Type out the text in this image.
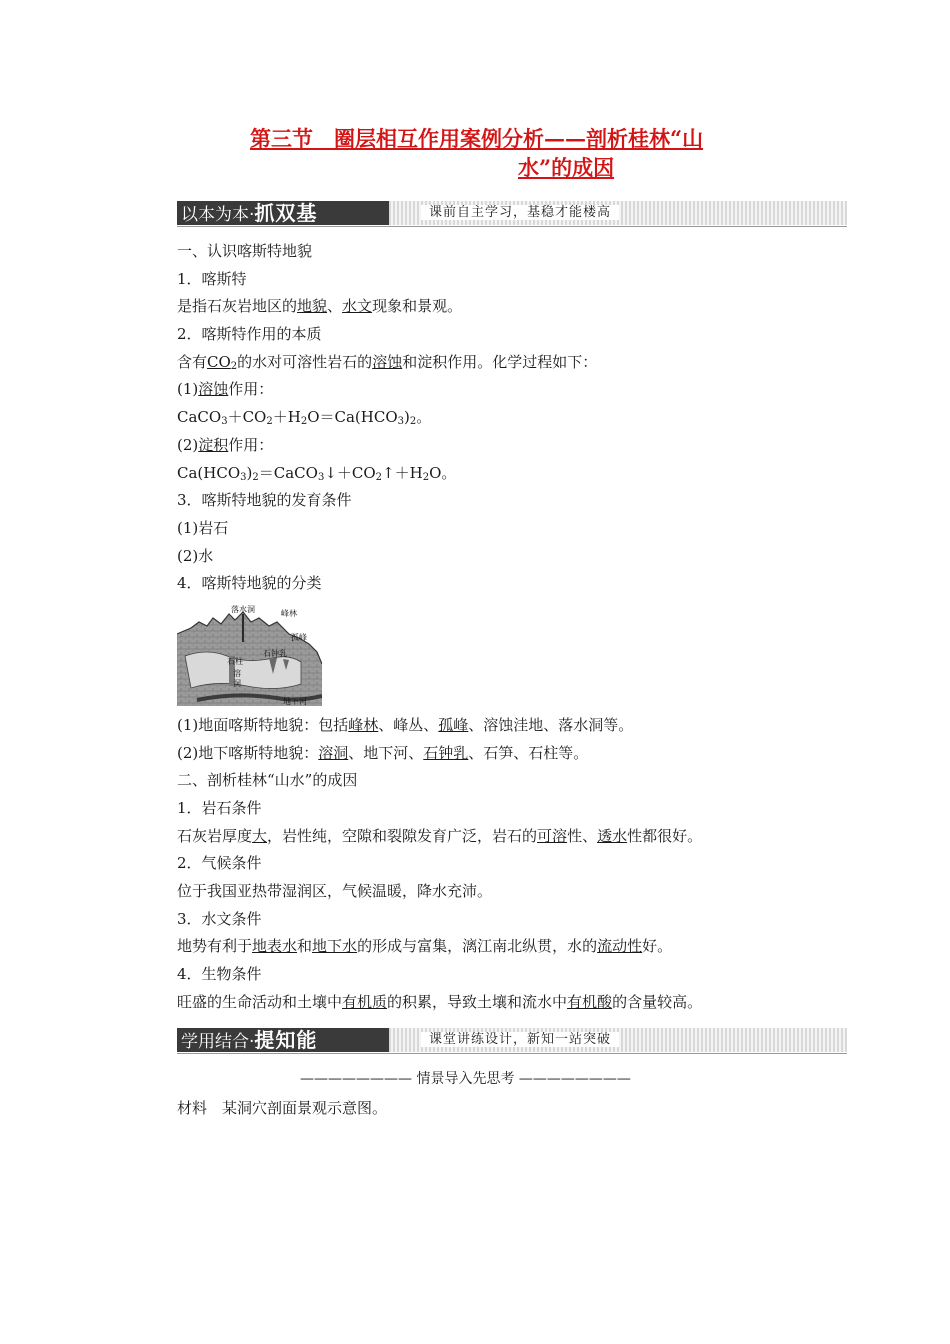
第三节　圈层相互作用案例分析——剖析桂林“山
水”的成因
以本为本·抓双基	课前自主学习，基稳才能楼高
一、认识喀斯特地貌
1．喀斯特
是指石灰岩地区的地貌、水文现象和景观。
2．喀斯特作用的本质
含有$CO_2$的水对可溶性岩石的溶蚀和淀积作用。化学过程如下：
(1)溶蚀作用：
$CaCO_3+CO_2+H_2O=Ca(HCO_3)_2$。
(2)淀积作用：
$Ca(HCO_3)_2=CaCO_3↓+CO_2↑+H_2O$。
3．喀斯特地貌的发育条件
(1)岩石
(2)水
4．喀斯特地貌的分类
落水洞	峰林
孤峰
石柱
石钟乳
溶
洞
地下河
(1)地面喀斯特地貌：包括峰林、峰丛、孤峰、溶蚀洼地、落水洞等。
(2)地下喀斯特地貌：溶洞、地下河、石钟乳、石笋、石柱等。
二、剖析桂林“山水”的成因
1．岩石条件
石灰岩厚度大，岩性纯，空隙和裂隙发育广泛，岩石的可溶性、透水性都很好。
2．气候条件
位于我国亚热带湿润区，气候温暖，降水充沛。
3．水文条件
地势有利于地表水和地下水的形成与富集，漓江南北纵贯，水的流动性好。
4．生物条件
旺盛的生命活动和土壤中有机质的积累，导致土壤和流水中有机酸的含量较高。
学用结合·提知能	课堂讲练设计，新知一站突破
———————— 情景导入先思考 ————————
材料　某洞穴剖面景观示意图。
